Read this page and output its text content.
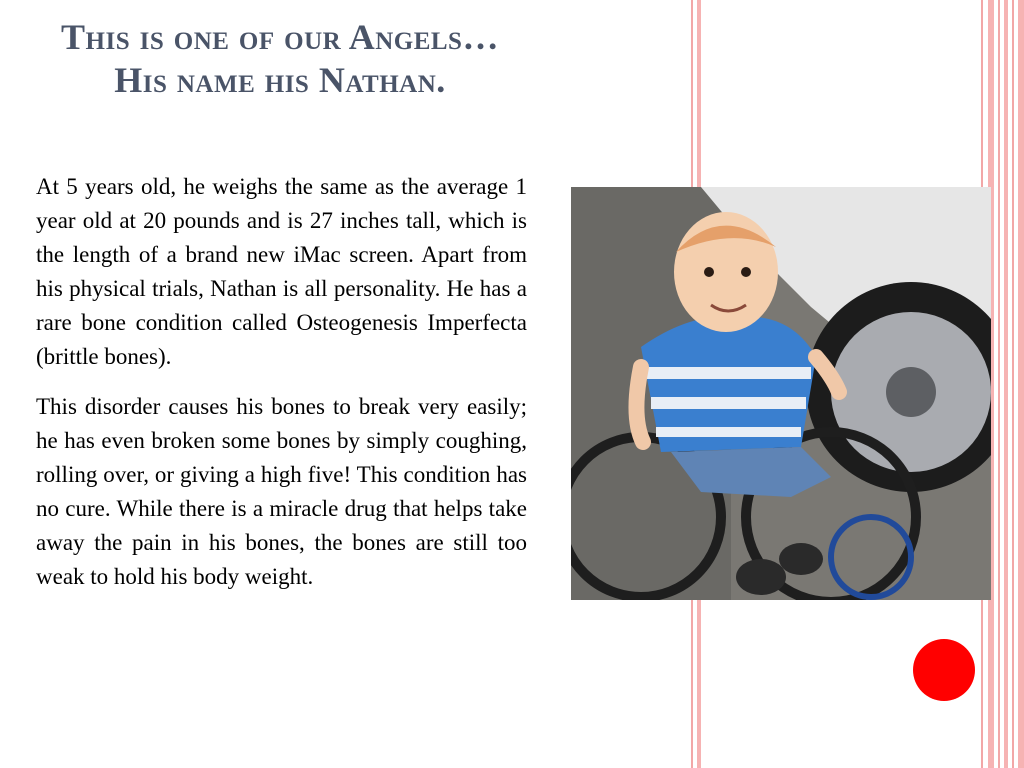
This is one of our Angels… His name his Nathan.

At 5 years old, he weighs the same as the average 1 year old at 20 pounds and is 27 inches tall, which is the length of a brand new iMac screen. Apart from his physical trials, Nathan is all personality. He has a rare bone condition called Osteogenesis Imperfecta (brittle bones).

This disorder causes his bones to break very easily; he has even broken some bones by simply coughing, rolling over, or giving a high five! This condition has no cure. While there is a miracle drug that helps take away the pain in his bones, the bones are still too weak to hold his body weight.
